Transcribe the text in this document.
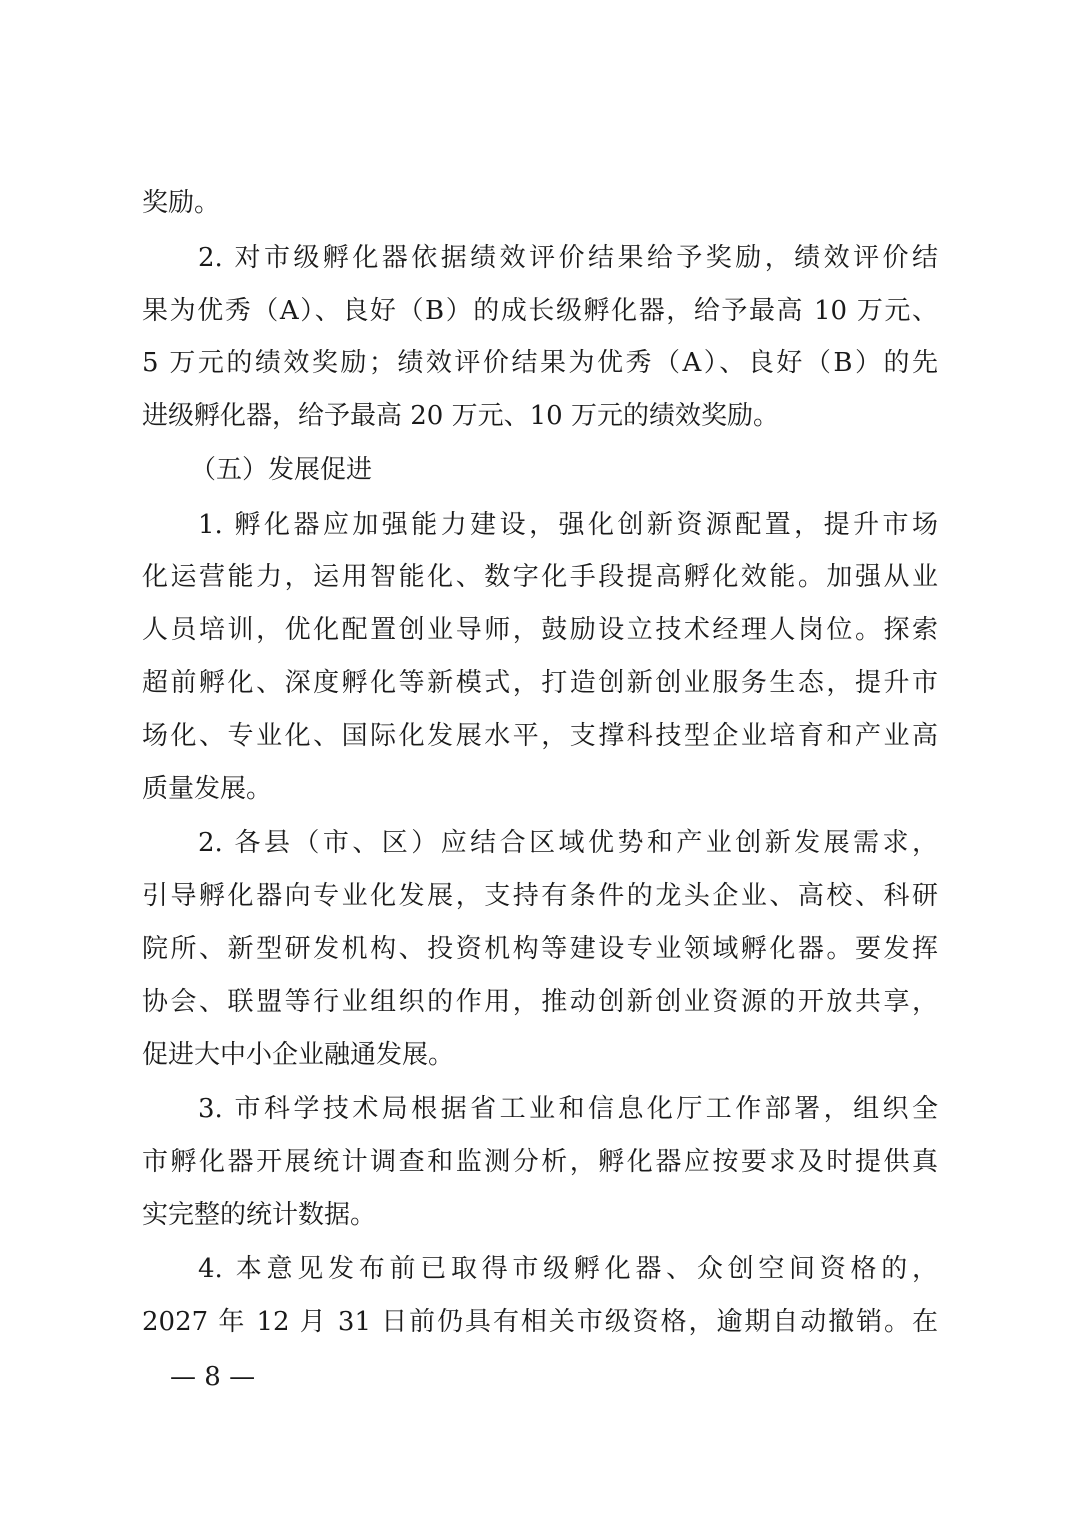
奖励。

2. 对市级孵化器依据绩效评价结果给予奖励，绩效评价结

果为优秀（A）、良好（B）的成长级孵化器，给予最高 10 万元、

5 万元的绩效奖励；绩效评价结果为优秀（A）、良好（B）的先

进级孵化器，给予最高 20 万元、10 万元的绩效奖励。

（五）发展促进

1. 孵化器应加强能力建设，强化创新资源配置，提升市场

化运营能力，运用智能化、数字化手段提高孵化效能。加强从业

人员培训，优化配置创业导师，鼓励设立技术经理人岗位。探索

超前孵化、深度孵化等新模式，打造创新创业服务生态，提升市

场化、专业化、国际化发展水平，支撑科技型企业培育和产业高

质量发展。

2. 各县（市、区）应结合区域优势和产业创新发展需求，

引导孵化器向专业化发展，支持有条件的龙头企业、高校、科研

院所、新型研发机构、投资机构等建设专业领域孵化器。要发挥

协会、联盟等行业组织的作用，推动创新创业资源的开放共享，

促进大中小企业融通发展。

3. 市科学技术局根据省工业和信息化厅工作部署，组织全

市孵化器开展统计调查和监测分析，孵化器应按要求及时提供真

实完整的统计数据。

4. 本意见发布前已取得市级孵化器、众创空间资格的，

2027 年 12 月 31 日前仍具有相关市级资格，逾期自动撤销。在

— 8 —
